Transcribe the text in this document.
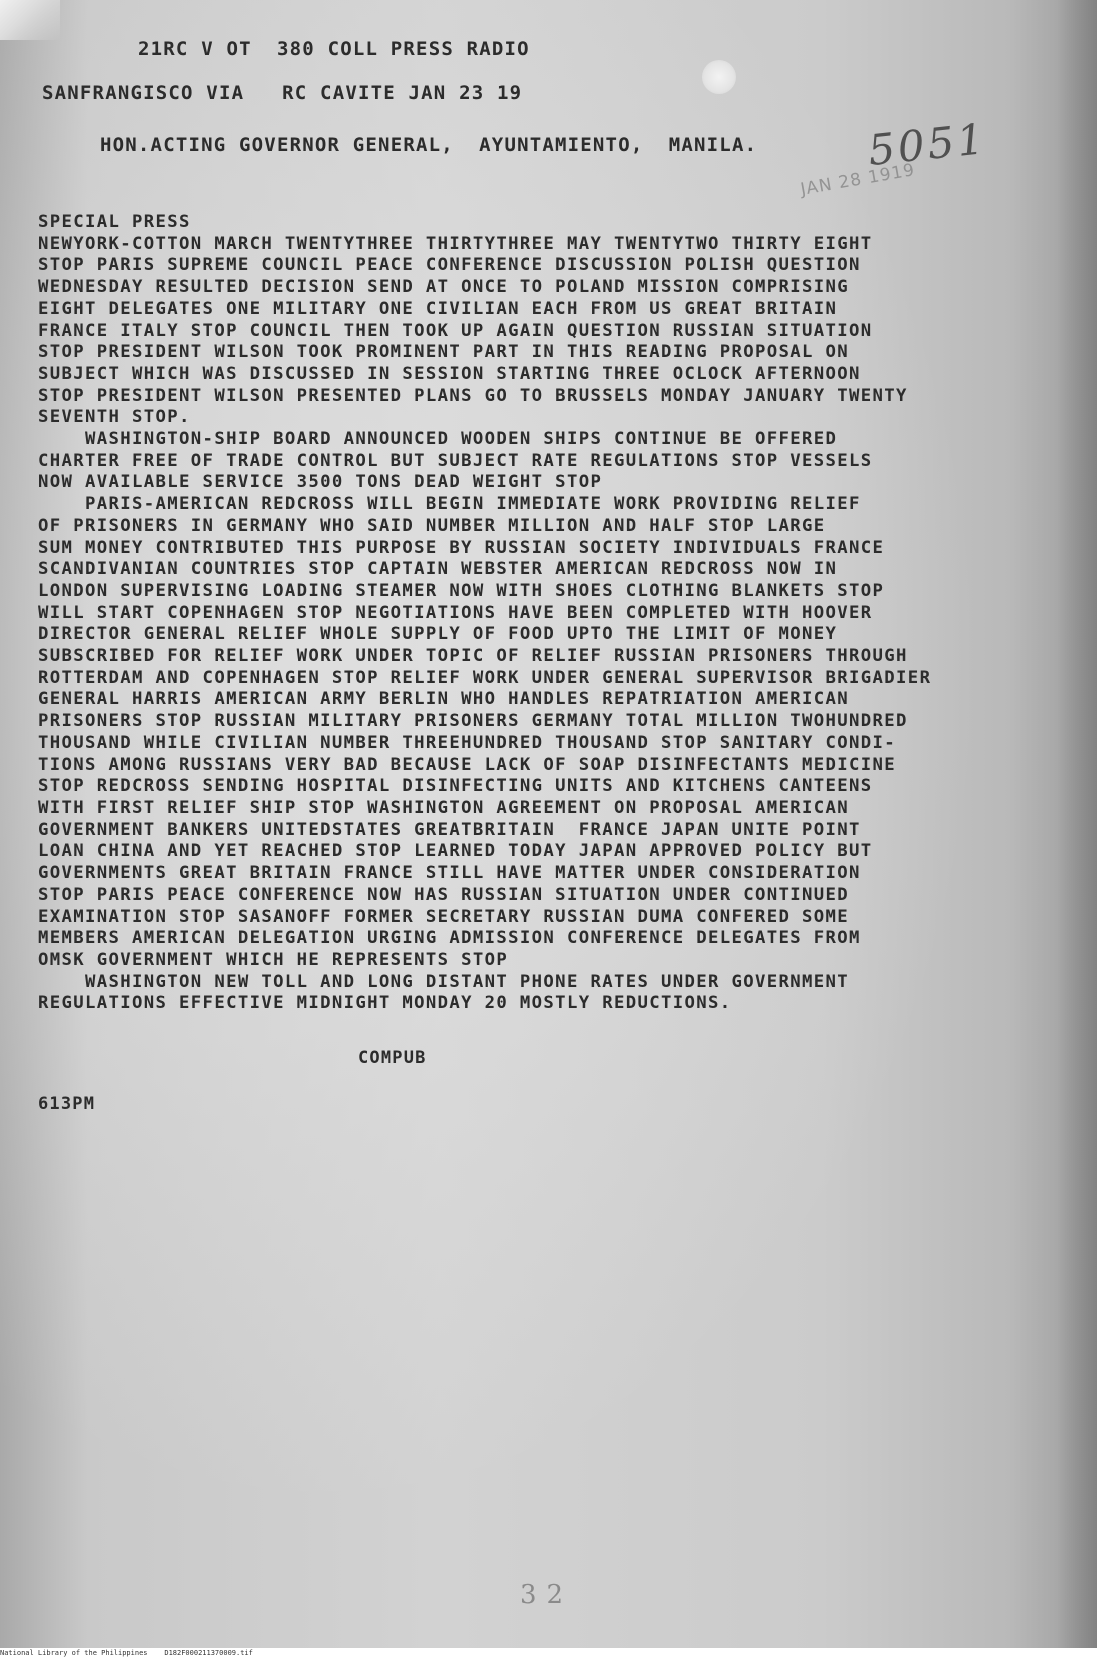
21RC V OT  380 COLL PRESS RADIO

SANFRANGISCO VIA   RC CAVITE JAN 23 19

HON.ACTING GOVERNOR GENERAL,  AYUNTAMIENTO,  MANILA.	5051
JAN 28 1919
SPECIAL PRESS
NEWYORK-COTTON MARCH TWENTYTHREE THIRTYTHREE MAY TWENTYTWO THIRTY EIGHT
STOP PARIS SUPREME COUNCIL PEACE CONFERENCE DISCUSSION POLISH QUESTION
WEDNESDAY RESULTED DECISION SEND AT ONCE TO POLAND MISSION COMPRISING
EIGHT DELEGATES ONE MILITARY ONE CIVILIAN EACH FROM US GREAT BRITAIN
FRANCE ITALY STOP COUNCIL THEN TOOK UP AGAIN QUESTION RUSSIAN SITUATION
STOP PRESIDENT WILSON TOOK PROMINENT PART IN THIS READING PROPOSAL ON
SUBJECT WHICH WAS DISCUSSED IN SESSION STARTING THREE OCLOCK AFTERNOON
STOP PRESIDENT WILSON PRESENTED PLANS GO TO BRUSSELS MONDAY JANUARY TWENTY
SEVENTH STOP.
WASHINGTON-SHIP BOARD ANNOUNCED WOODEN SHIPS CONTINUE BE OFFERED
CHARTER FREE OF TRADE CONTROL BUT SUBJECT RATE REGULATIONS STOP VESSELS
NOW AVAILABLE SERVICE 3500 TONS DEAD WEIGHT STOP
PARIS-AMERICAN REDCROSS WILL BEGIN IMMEDIATE WORK PROVIDING RELIEF
OF PRISONERS IN GERMANY WHO SAID NUMBER MILLION AND HALF STOP LARGE
SUM MONEY CONTRIBUTED THIS PURPOSE BY RUSSIAN SOCIETY INDIVIDUALS FRANCE
SCANDIVANIAN COUNTRIES STOP CAPTAIN WEBSTER AMERICAN REDCROSS NOW IN
LONDON SUPERVISING LOADING STEAMER NOW WITH SHOES CLOTHING BLANKETS STOP
WILL START COPENHAGEN STOP NEGOTIATIONS HAVE BEEN COMPLETED WITH HOOVER
DIRECTOR GENERAL RELIEF WHOLE SUPPLY OF FOOD UPTO THE LIMIT OF MONEY
SUBSCRIBED FOR RELIEF WORK UNDER TOPIC OF RELIEF RUSSIAN PRISONERS THROUGH
ROTTERDAM AND COPENHAGEN STOP RELIEF WORK UNDER GENERAL SUPERVISOR BRIGADIER
GENERAL HARRIS AMERICAN ARMY BERLIN WHO HANDLES REPATRIATION AMERICAN
PRISONERS STOP RUSSIAN MILITARY PRISONERS GERMANY TOTAL MILLION TWOHUNDRED
THOUSAND WHILE CIVILIAN NUMBER THREEHUNDRED THOUSAND STOP SANITARY CONDI-
TIONS AMONG RUSSIANS VERY BAD BECAUSE LACK OF SOAP DISINFECTANTS MEDICINE
STOP REDCROSS SENDING HOSPITAL DISINFECTING UNITS AND KITCHENS CANTEENS
WITH FIRST RELIEF SHIP STOP WASHINGTON AGREEMENT ON PROPOSAL AMERICAN
GOVERNMENT BANKERS UNITEDSTATES GREATBRITAIN  FRANCE JAPAN UNITE POINT
LOAN CHINA AND YET REACHED STOP LEARNED TODAY JAPAN APPROVED POLICY BUT
GOVERNMENTS GREAT BRITAIN FRANCE STILL HAVE MATTER UNDER CONSIDERATION
STOP PARIS PEACE CONFERENCE NOW HAS RUSSIAN SITUATION UNDER CONTINUED
EXAMINATION STOP SASANOFF FORMER SECRETARY RUSSIAN DUMA CONFERED SOME
MEMBERS AMERICAN DELEGATION URGING ADMISSION CONFERENCE DELEGATES FROM
OMSK GOVERNMENT WHICH HE REPRESENTS STOP
WASHINGTON NEW TOLL AND LONG DISTANT PHONE RATES UNDER GOVERNMENT
REGULATIONS EFFECTIVE MIDNIGHT MONDAY 20 MOSTLY REDUCTIONS.

COMPUB

613PM

32
National Library of the Philippines    D182F000211370009.tif
